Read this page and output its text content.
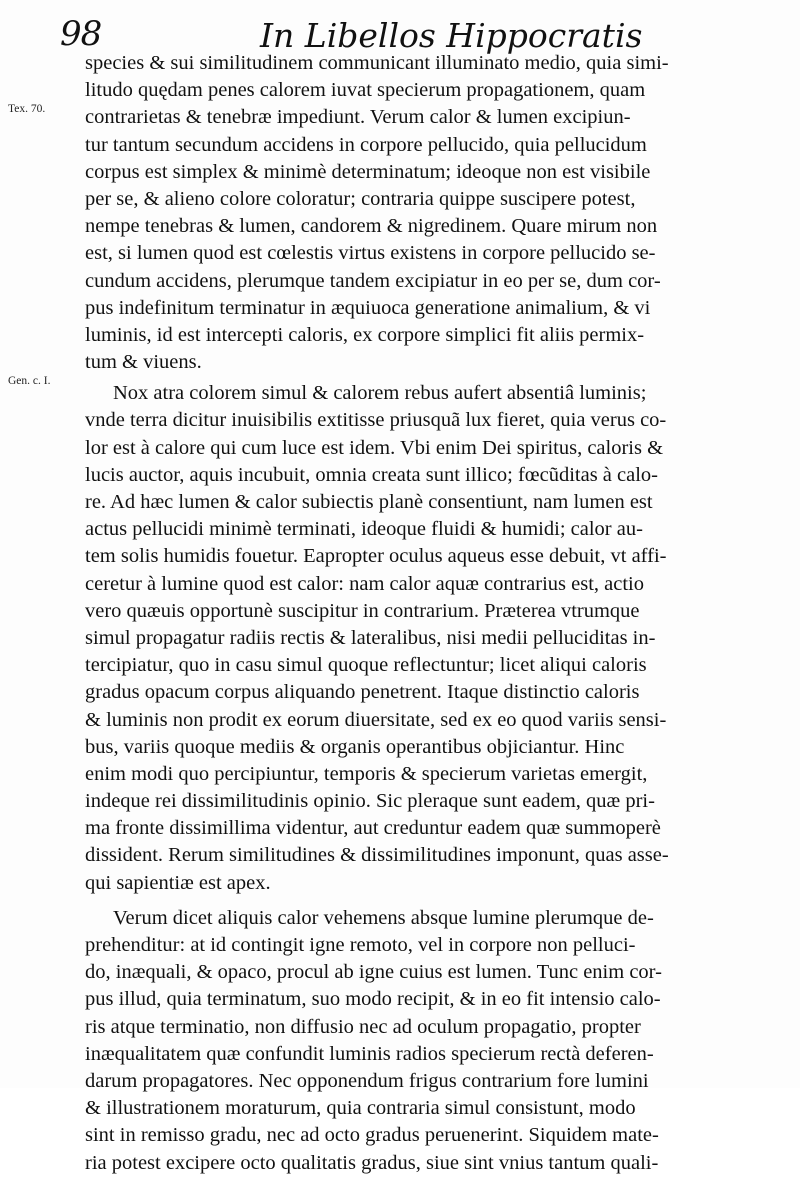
98	In Libellos Hippocratis
Tex. 70.
Gen. c. I.
species & sui similitudinem communicant illuminato medio, quia simi-
litudo quędam penes calorem iuvat specierum propagationem, quam
contrarietas & tenebræ impediunt. Verum calor & lumen excipiun-
tur tantum secundum accidens in corpore pellucido, quia pellucidum
corpus est simplex & minimè determinatum; ideoque non est visibile
per se, & alieno colore coloratur; contraria quippe suscipere potest,
nempe tenebras & lumen, candorem & nigredinem. Quare mirum non
est, si lumen quod est cœlestis virtus existens in corpore pellucido se-
cundum accidens, plerumque tandem excipiatur in eo per se, dum cor-
pus indefinitum terminatur in æquiuoca generatione animalium, & vi
luminis, id est intercepti caloris, ex corpore simplici fit aliis permix-
tum & viuens.
Nox atra colorem simul & calorem rebus aufert absentiâ luminis;
vnde terra dicitur inuisibilis extitisse priusquã lux fieret, quia verus co-
lor est à calore qui cum luce est idem. Vbi enim Dei spiritus, caloris &
lucis auctor, aquis incubuit, omnia creata sunt illico; fœcũditas à calo-
re. Ad hæc lumen & calor subiectis planè consentiunt, nam lumen est
actus pellucidi minimè terminati, ideoque fluidi & humidi; calor au-
tem solis humidis fouetur. Eapropter oculus aqueus esse debuit, vt affi-
ceretur à lumine quod est calor: nam calor aquæ contrarius est, actio
vero quæuis opportunè suscipitur in contrarium. Præterea vtrumque
simul propagatur radiis rectis & lateralibus, nisi medii pelluciditas in-
tercipiatur, quo in casu simul quoque reflectuntur; licet aliqui caloris
gradus opacum corpus aliquando penetrent. Itaque distinctio caloris
& luminis non prodit ex eorum diuersitate, sed ex eo quod variis sensi-
bus, variis quoque mediis & organis operantibus objiciantur. Hinc
enim modi quo percipiuntur, temporis & specierum varietas emergit,
indeque rei dissimilitudinis opinio. Sic pleraque sunt eadem, quæ pri-
ma fronte dissimillima videntur, aut creduntur eadem quæ summoperè
dissident. Rerum similitudines & dissimilitudines imponunt, quas asse-
qui sapientiæ est apex.
Verum dicet aliquis calor vehemens absque lumine plerumque de-
prehenditur: at id contingit igne remoto, vel in corpore non pelluci-
do, inæquali, & opaco, procul ab igne cuius est lumen. Tunc enim cor-
pus illud, quia terminatum, suo modo recipit, & in eo fit intensio calo-
ris atque terminatio, non diffusio nec ad oculum propagatio, propter
inæqualitatem quæ confundit luminis radios specierum rectà deferen-
darum propagatores. Nec opponendum frigus contrarium fore lumini
& illustrationem moraturum, quia contraria simul consistunt, modo
sint in remisso gradu, nec ad octo gradus peruenerint. Siquidem mate-
ria potest excipere octo qualitatis gradus, siue sint vnius tantum quali-
